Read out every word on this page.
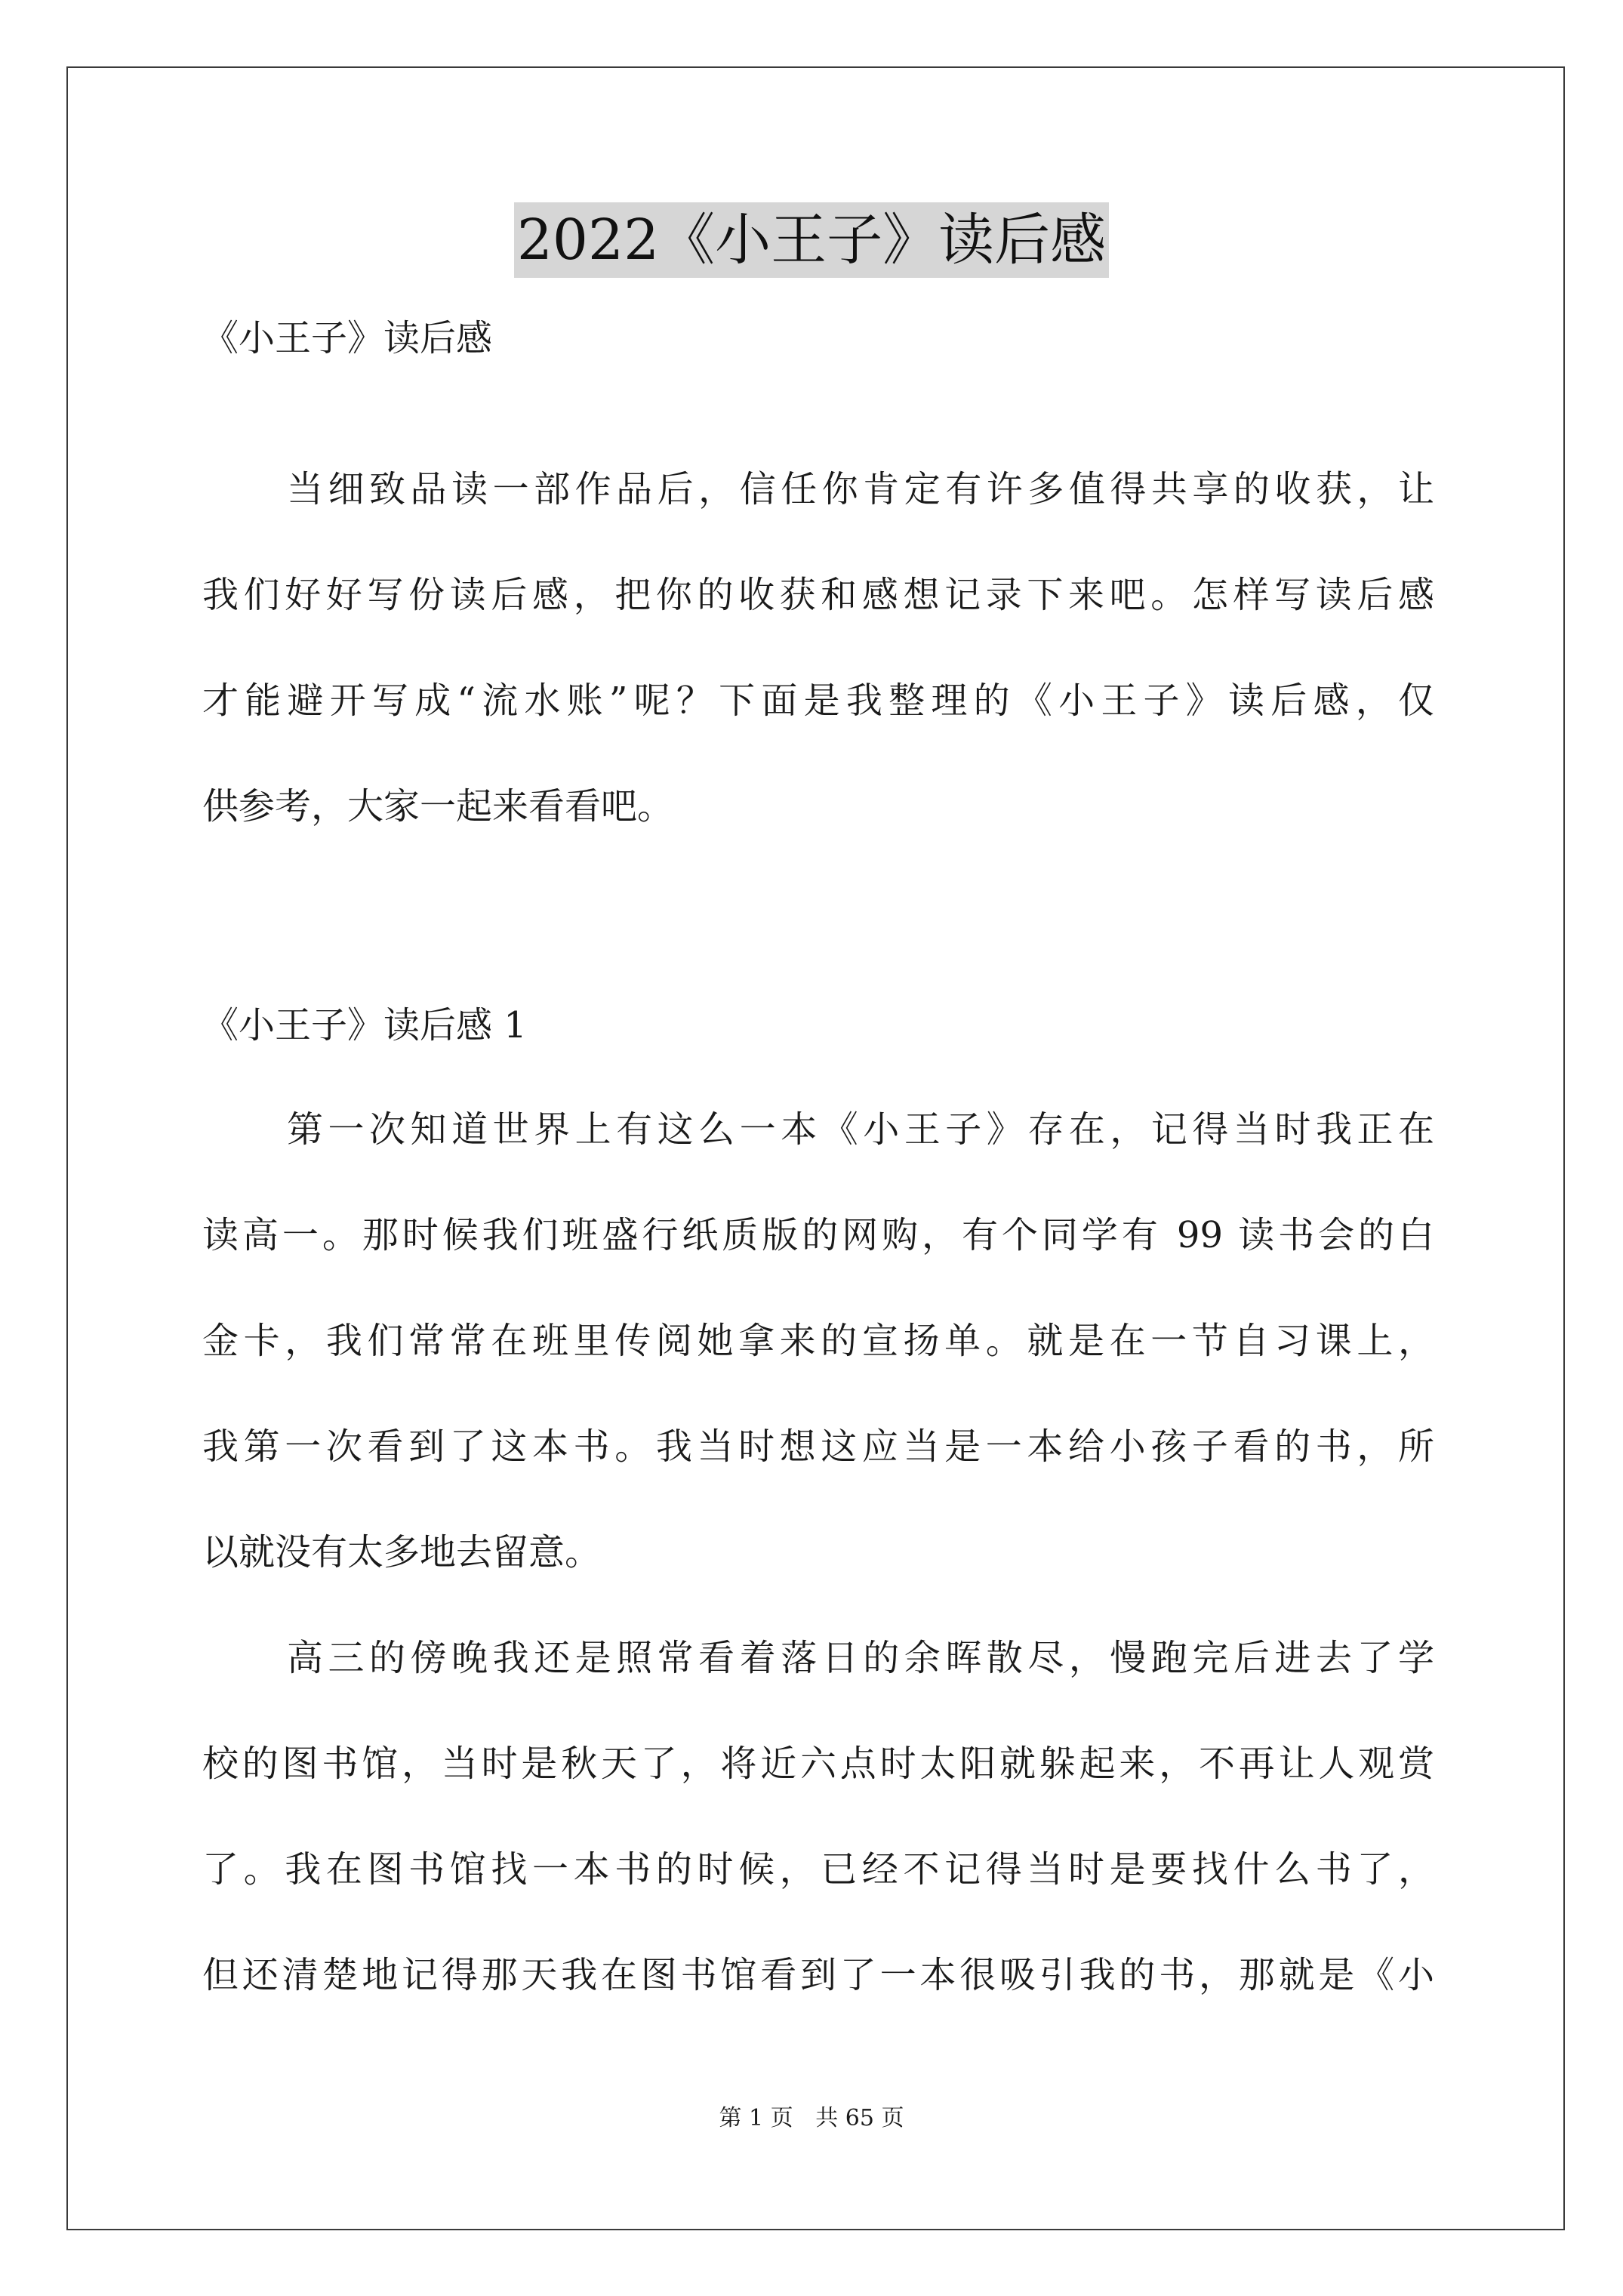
2022《小王子》读后感
《小王子》读后感
当细致品读一部作品后，信任你肯定有许多值得共享的收获，让
我们好好写份读后感，把你的收获和感想记录下来吧。怎样写读后感
才能避开写成“流水账”呢？下面是我整理的《小王子》读后感，仅
供参考，大家一起来看看吧。
《小王子》读后感 1
第一次知道世界上有这么一本《小王子》存在，记得当时我正在
读高一。那时候我们班盛行纸质版的网购，有个同学有 99 读书会的白
金卡，我们常常在班里传阅她拿来的宣扬单。就是在一节自习课上，
我第一次看到了这本书。我当时想这应当是一本给小孩子看的书，所
以就没有太多地去留意。
高三的傍晚我还是照常看着落日的余晖散尽，慢跑完后进去了学
校的图书馆，当时是秋天了，将近六点时太阳就躲起来，不再让人观赏
了。我在图书馆找一本书的时候，已经不记得当时是要找什么书了，
但还清楚地记得那天我在图书馆看到了一本很吸引我的书，那就是《小
第 1 页 共 65 页
